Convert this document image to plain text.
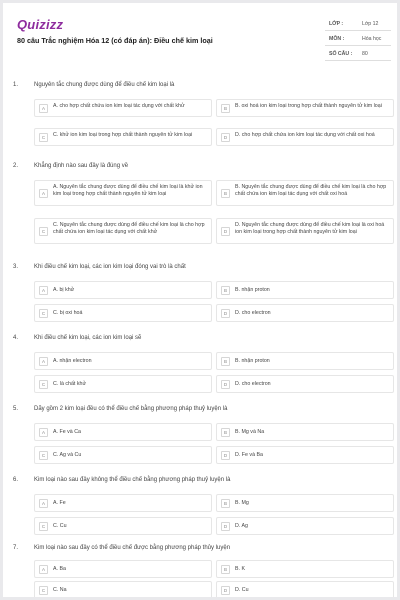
Quizizz
80 câu Trắc nghiệm Hóa 12 (có đáp án): Điều chế kim loại
LỚP :	Lớp 12
MÔN :	Hóa học
SỐ CÂU : 80
1.	Nguyên tắc chung được dùng để điều chế kim loại là
A	A. cho hợp chất chứa ion kim loại tác dụng với chất khử	B	B. oxi hoá ion kim loại trong hợp chất thành nguyên tử kim loại
C	C. khử ion kim loại trong hợp chất thành nguyên tử kim loại	D	D. cho hợp chất chứa ion kim loại tác dụng với chất oxi hoá
2.	Khẳng định nào sau đây là đúng về
A
A. Nguyên tắc chung được dùng để điều chế kim loại là khử ion kim loại trong hợp chất thành nguyên tử kim loại	B
B. Nguyên tắc chung được dùng để điều chế kim loại là cho hợp chất chứa ion kim loại tác dụng với chất oxi hoá
C
C. Nguyên tắc chung được dùng để điều chế kim loại là cho hợp chất chứa ion kim loại tác dụng với chất khử	D
D. Nguyên tắc chung được dùng để điều chế kim loại là oxi hoá ion kim loại trong hợp chất thành nguyên tử kim loại
3.	Khi điều chế kim loại, các ion kim loại đóng vai trò là chất
A	A. bị khử	B	B. nhận proton
C	C. bị oxi hoá	D	D. cho electron
4.	Khi điều chế kim loại, các ion kim loại sẽ
A	A. nhận electron	B	B. nhận proton
C	C. là chất khử	D	D. cho electron
5.	Dãy gồm 2 kim loại đều có thể điều chế bằng phương pháp thuỷ luyện là
A	A. Fe và Ca	B	B. Mg và Na
C	C. Ag và Cu	D	D. Fe và Ba
6.	Kim loại nào sau đây không thể điều chế bằng phương pháp thuỷ luyện là
A	A. Fe	B	B. Mg
C	C. Cu	D	D. Ag
7.	Kim loại nào sau đây có thể điều chế được bằng phương pháp thủy luyện
A	A. Ba	B	B. K
C	C. Na	D	D. Cu
